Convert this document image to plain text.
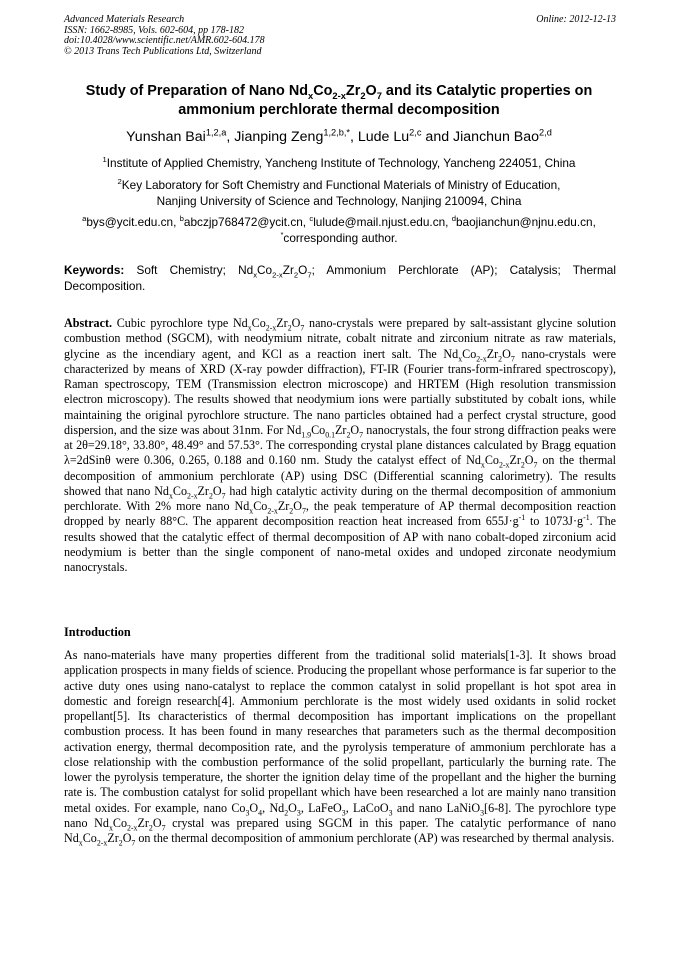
Advanced Materials Research
ISSN: 1662-8985, Vols. 602-604, pp 178-182
doi:10.4028/www.scientific.net/AMR.602-604.178
© 2013 Trans Tech Publications Ltd, Switzerland
Online: 2012-12-13
Study of Preparation of Nano $Nd_xCo_{2-x}Zr_2O_7$ and its Catalytic properties on ammonium perchlorate thermal decomposition
Yunshan Bai$^{1,2,a}$, Jianping Zeng$^{1,2,b,*}$, Lude Lu$^{2,c}$ and Jianchun Bao$^{2,d}$
$^1$Institute of Applied Chemistry, Yancheng Institute of Technology, Yancheng 224051, China
$^2$Key Laboratory for Soft Chemistry and Functional Materials of Ministry of Education,
Nanjing University of Science and Technology, Nanjing 210094, China
$^a$bys@ycit.edu.cn, $^b$abczjp768472@ycit.cn, $^c$lulude@mail.njust.edu.cn, $^d$baojianchun@njnu.edu.cn,
*corresponding author.
Keywords: Soft Chemistry; $Nd_xCo_{2-x}Zr_2O_7$; Ammonium Perchlorate (AP); Catalysis; Thermal Decomposition.
Abstract. Cubic pyrochlore type $Nd_xCo_{2-x}Zr_2O_7$ nano-crystals were prepared by salt-assistant glycine solution combustion method (SGCM), with neodymium nitrate, cobalt nitrate and zirconium nitrate as raw materials, glycine as the incendiary agent, and KCl as a reaction inert salt. The $Nd_xCo_{2-x}Zr_2O_7$ nano-crystals were characterized by means of XRD (X-ray powder diffraction), FT-IR (Fourier trans-form-infrared spectroscopy), Raman spectroscopy, TEM (Transmission electron microscope) and HRTEM (High resolution transmission electron microscopy). The results showed that neodymium ions were partially substituted by cobalt ions, while maintaining the original pyrochlore structure. The nano particles obtained had a perfect crystal structure, good dispersion, and the size was about 31nm. For $Nd_{1.9}Co_{0.1}Zr_2O_7$ nanocrystals, the four strong diffraction peaks were at 2θ=29.18°, 33.80°, 48.49° and 57.53°. The corresponding crystal plane distances calculated by Bragg equation λ=2dSinθ were 0.306, 0.265, 0.188 and 0.160 nm. Study the catalyst effect of $Nd_xCo_{2-x}Zr_2O_7$ on the thermal decomposition of ammonium perchlorate (AP) using DSC (Differential scanning calorimetry). The results showed that nano $Nd_xCo_{2-x}Zr_2O_7$ had high catalytic activity during on the thermal decomposition of ammonium perchlorate. With 2% more nano $Nd_xCo_{2-x}Zr_2O_7$, the peak temperature of AP thermal decomposition reaction dropped by nearly 88°C. The apparent decomposition reaction heat increased from $655J\cdot g^{-1}$ to $1073J\cdot g^{-1}$. The results showed that the catalytic effect of thermal decomposition of AP with nano cobalt-doped zirconium acid neodymium is better than the single component of nano-metal oxides and undoped zirconate neodymium nanocrystals.
Introduction
As nano-materials have many properties different from the traditional solid materials[1-3]. It shows broad application prospects in many fields of science. Producing the propellant whose performance is far superior to the active duty ones using nano-catalyst to replace the common catalyst in solid propellant is hot spot area in domestic and foreign research[4]. Ammonium perchlorate is the most widely used oxidants in solid rocket propellant[5]. Its characteristics of thermal decomposition has important implications on the propellant combustion process. It has been found in many researches that parameters such as the thermal decomposition activation energy, thermal decomposition rate, and the pyrolysis temperature of ammonium perchlorate has a close relationship with the combustion performance of the solid propellant, particularly the burning rate. The lower the pyrolysis temperature, the shorter the ignition delay time of the propellant and the higher the burning rate is. The combustion catalyst for solid propellant which have been researched a lot are mainly nano transition metal oxides. For example, nano $Co_3O_4$, $Nd_2O_3$, LaFeO$_3$, LaCoO$_3$ and nano LaNiO$_3$[6-8]. The pyrochlore type nano $Nd_xCo_{2-x}Zr_2O_7$ crystal was prepared using SGCM in this paper. The catalytic performance of nano $Nd_xCo_{2-x}Zr_2O_7$ on the thermal decomposition of ammonium perchlorate (AP) was researched by thermal analysis.
